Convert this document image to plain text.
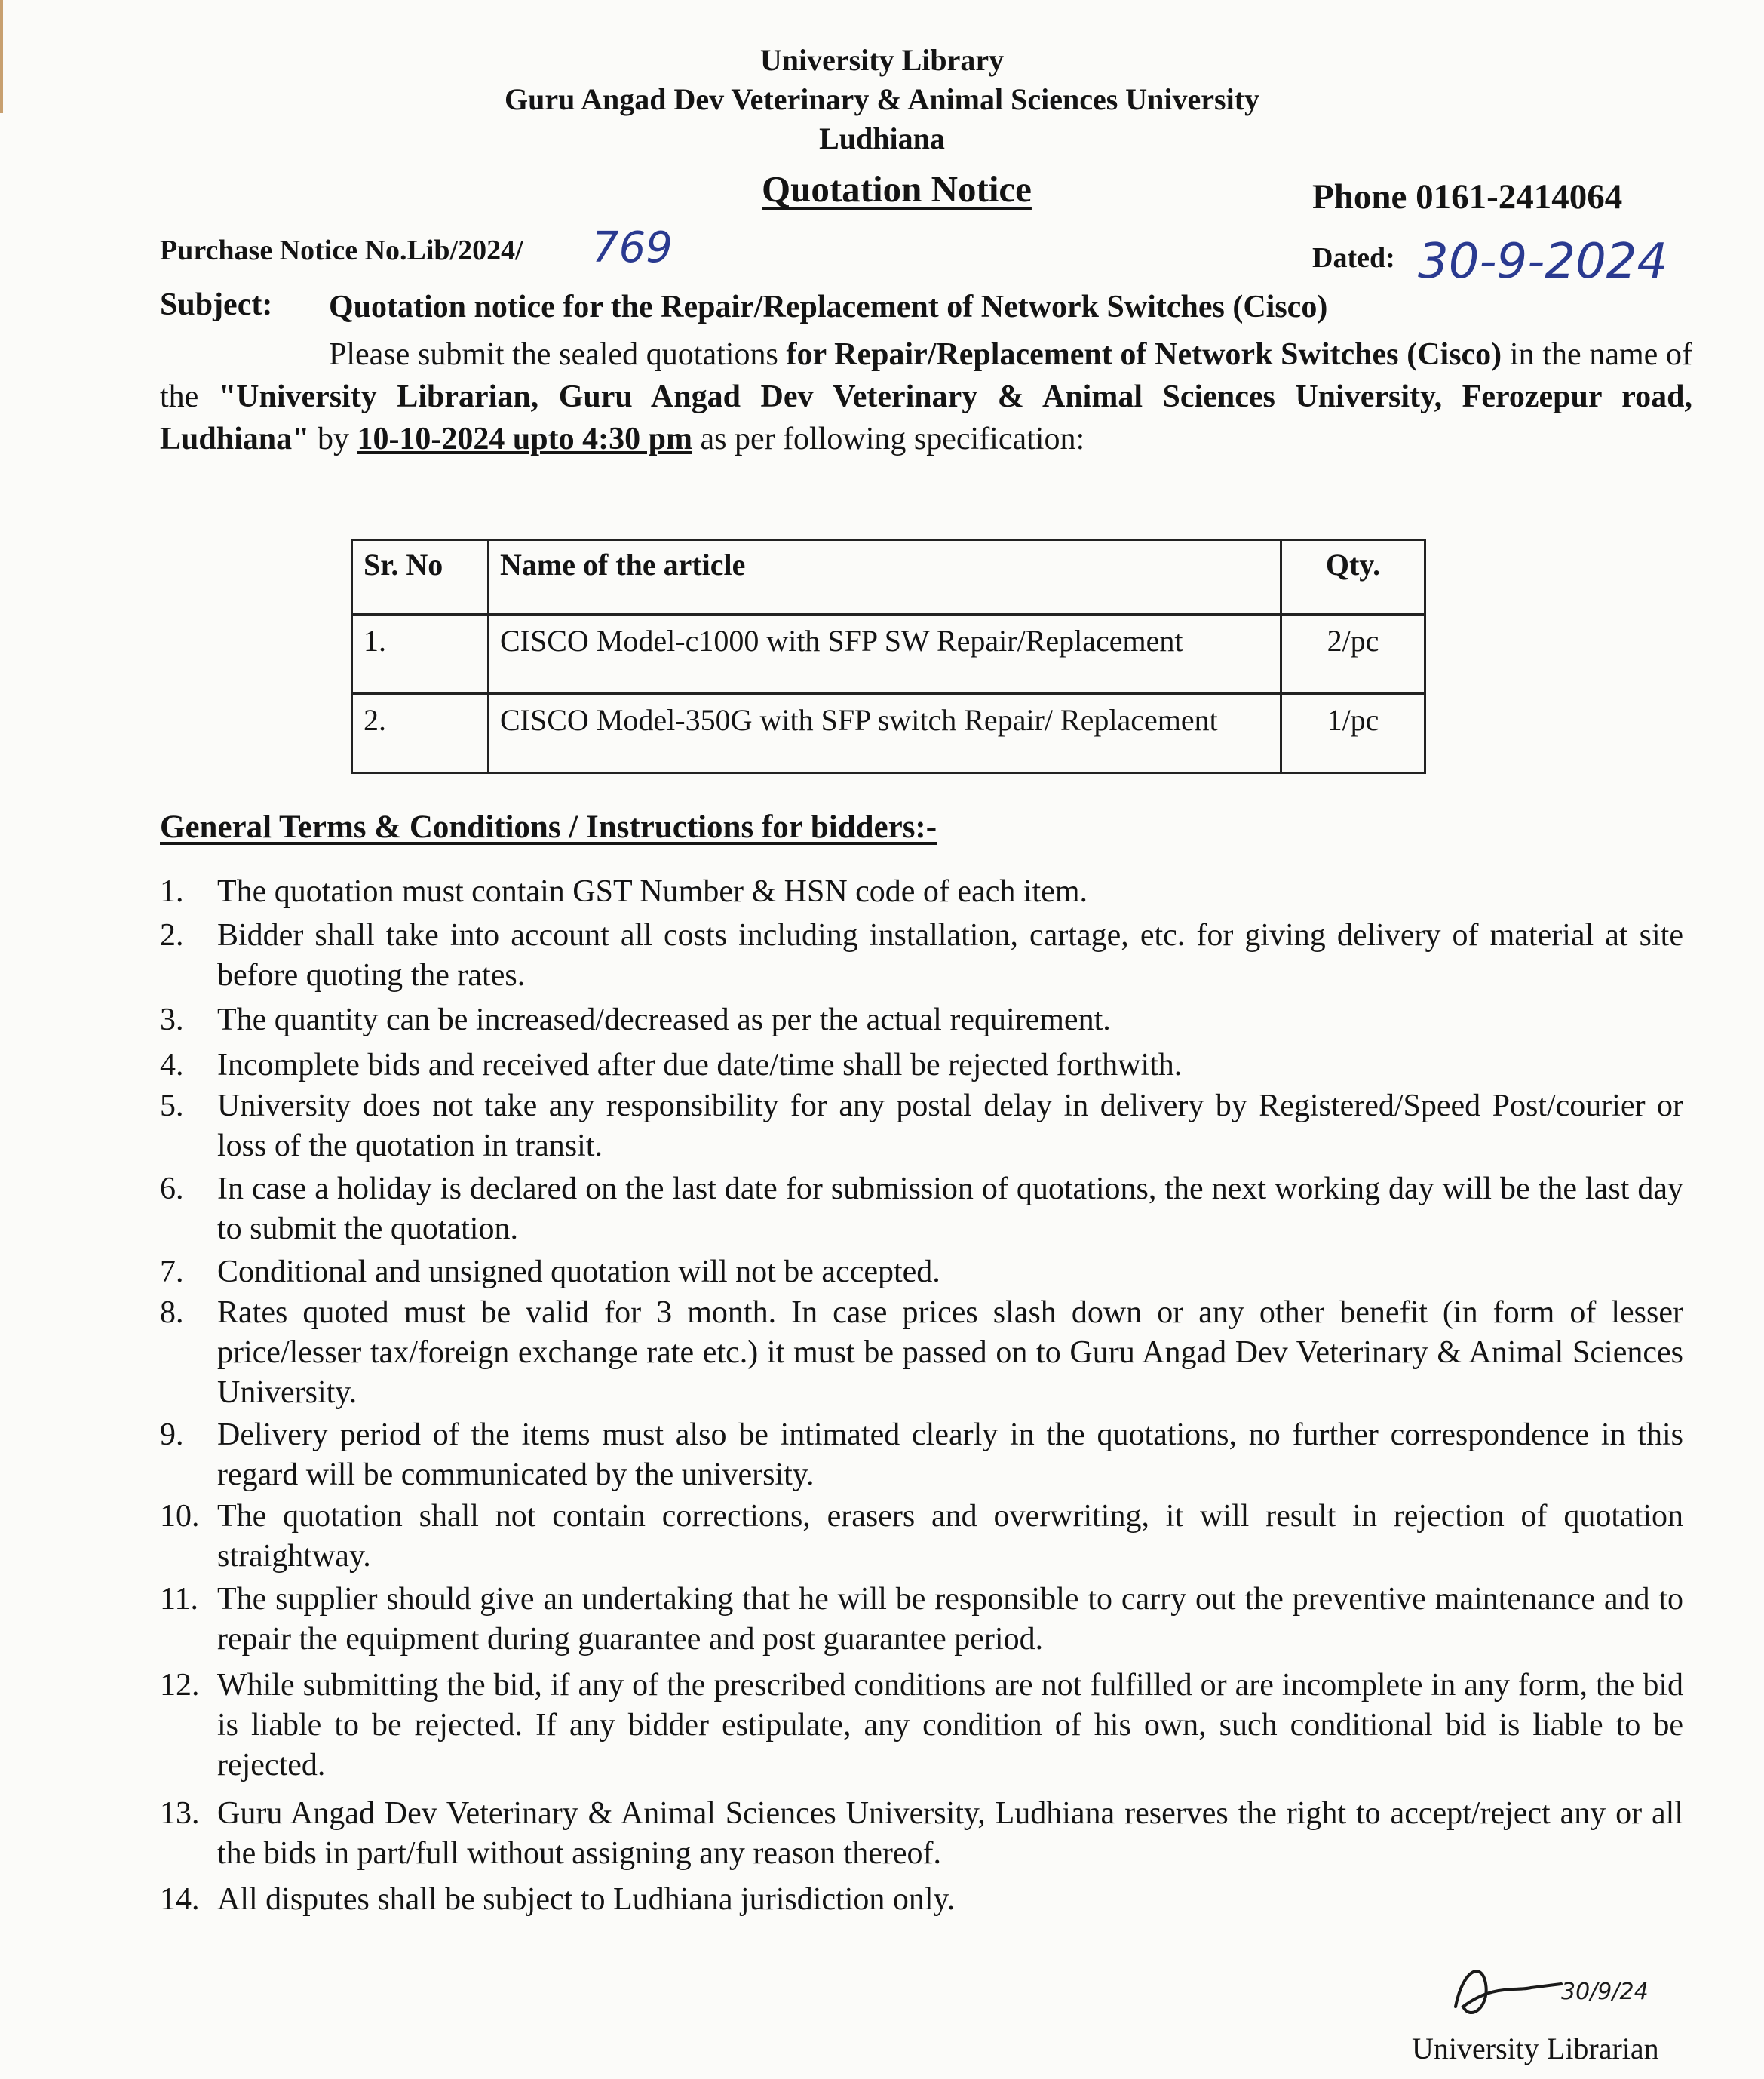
University Library
Guru Angad Dev Veterinary & Animal Sciences University
Ludhiana
Quotation Notice	Phone 0161-2414064
Purchase Notice No.Lib/2024/ 769	Dated: 30-9-2024
Subject: Quotation notice for the Repair/Replacement of Network Switches (Cisco)
Please submit the sealed quotations for Repair/Replacement of Network Switches (Cisco) in the name of the "University Librarian, Guru Angad Dev Veterinary & Animal Sciences University, Ferozepur road, Ludhiana" by 10-10-2024 upto 4:30 pm as per following specification:
Sr. No	Name of the article	Qty.
1.	CISCO Model-c1000 with SFP SW Repair/Replacement	2/pc
2.	CISCO Model-350G with SFP switch Repair/ Replacement	1/pc
General Terms & Conditions / Instructions for bidders:-
1.	The quotation must contain GST Number & HSN code of each item.
2.	Bidder shall take into account all costs including installation, cartage, etc. for giving delivery of material at site before quoting the rates.
3.	The quantity can be increased/decreased as per the actual requirement.
4.	Incomplete bids and received after due date/time shall be rejected forthwith.
5.	University does not take any responsibility for any postal delay in delivery by Registered/Speed Post/courier or loss of the quotation in transit.
6.	In case a holiday is declared on the last date for submission of quotations, the next working day will be the last day to submit the quotation.
7.	Conditional and unsigned quotation will not be accepted.
8.	Rates quoted must be valid for 3 month. In case prices slash down or any other benefit (in form of lesser price/lesser tax/foreign exchange rate etc.) it must be passed on to Guru Angad Dev Veterinary & Animal Sciences University.
9.	Delivery period of the items must also be intimated clearly in the quotations, no further correspondence in this regard will be communicated by the university.
10. The quotation shall not contain corrections, erasers and overwriting, it will result in rejection of quotation straightway.
11. The supplier should give an undertaking that he will be responsible to carry out the preventive maintenance and to repair the equipment during guarantee and post guarantee period.
12. While submitting the bid, if any of the prescribed conditions are not fulfilled or are incomplete in any form, the bid is liable to be rejected. If any bidder estipulate, any condition of his own, such conditional bid is liable to be rejected.
13. Guru Angad Dev Veterinary & Animal Sciences University, Ludhiana reserves the right to accept/reject any or all the bids in part/full without assigning any reason thereof.
14. All disputes shall be subject to Ludhiana jurisdiction only.
30/9/24
University Librarian
